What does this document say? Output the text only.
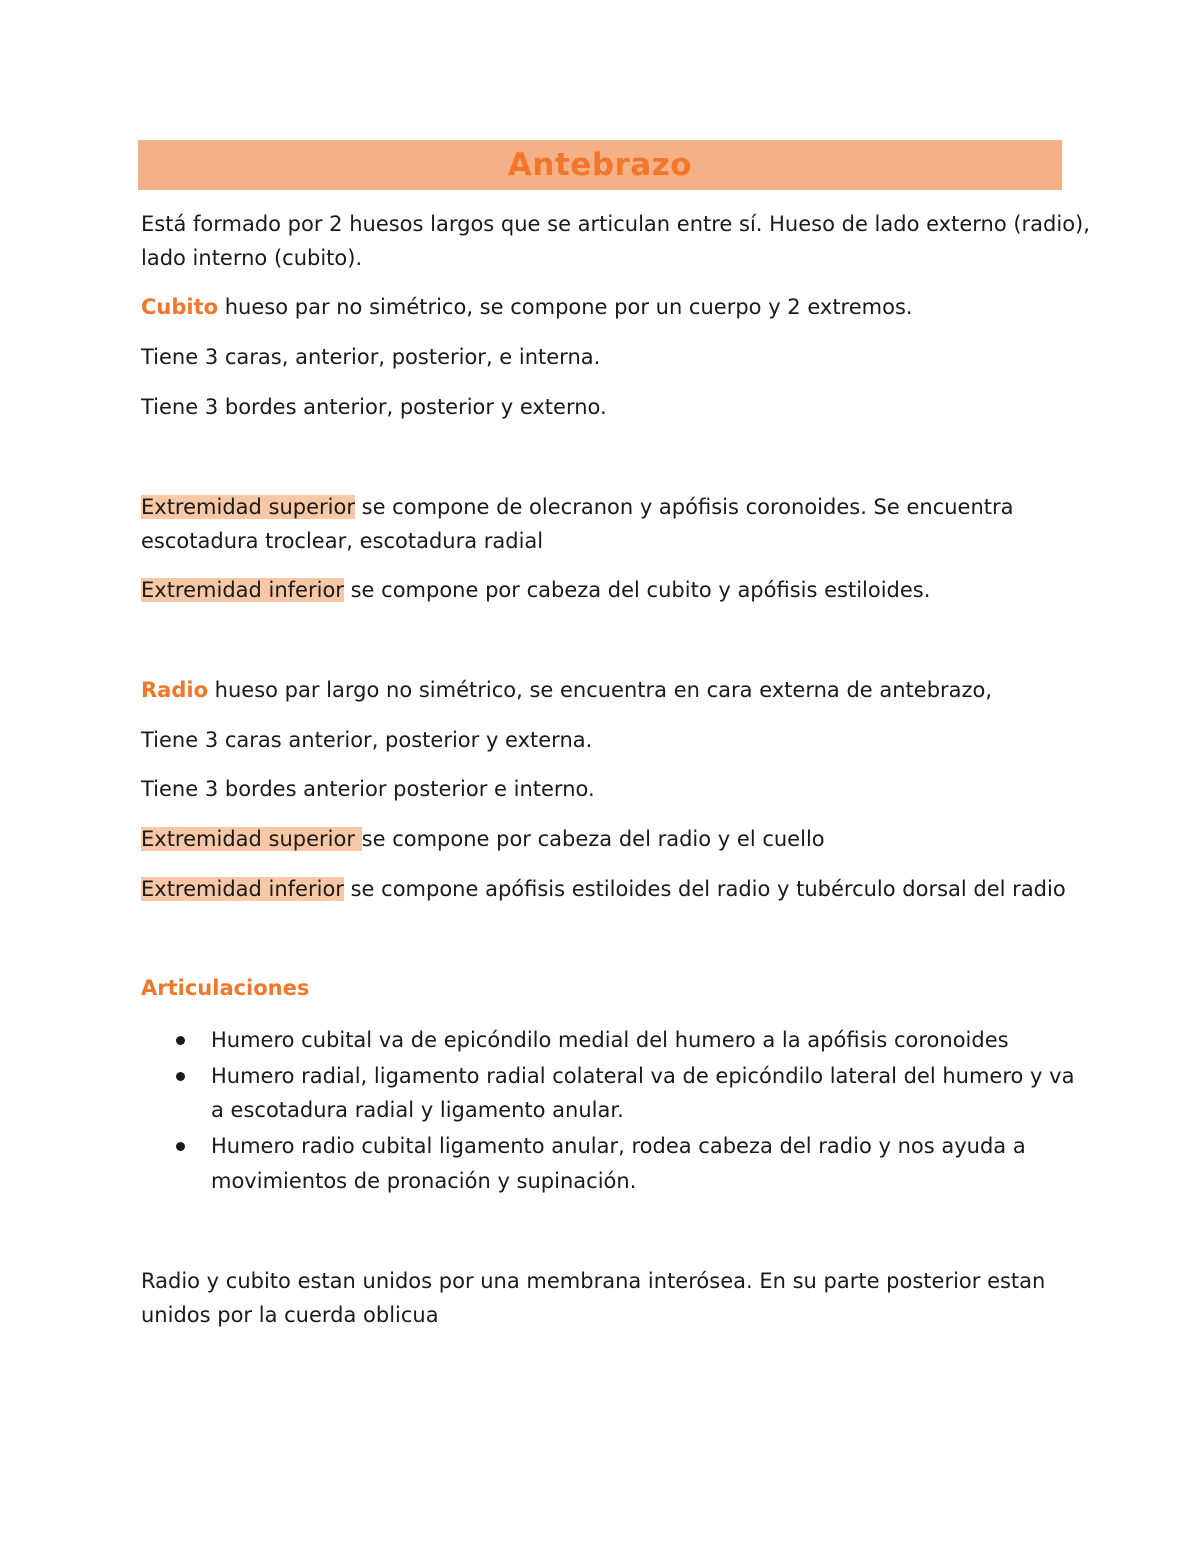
Antebrazo
Está formado por 2 huesos largos que se articulan entre sí. Hueso de lado externo (radio),
lado interno (cubito).
Cubito hueso par no simétrico, se compone por un cuerpo y 2 extremos.
Tiene 3 caras, anterior, posterior, e interna.
Tiene 3 bordes anterior, posterior y externo.
Extremidad superior se compone de olecranon y apófisis coronoides. Se encuentra
escotadura troclear, escotadura radial
Extremidad inferior se compone por cabeza del cubito y apófisis estiloides.
Radio hueso par largo no simétrico, se encuentra en cara externa de antebrazo,
Tiene 3 caras anterior, posterior y externa.
Tiene 3 bordes anterior posterior e interno.
Extremidad superior se compone por cabeza del radio y el cuello
Extremidad inferior se compone apófisis estiloides del radio y tubérculo dorsal del radio
Articulaciones
Humero cubital va de epicóndilo medial del humero a la apófisis coronoides
Humero radial, ligamento radial colateral va de epicóndilo lateral del humero y va
a escotadura radial y ligamento anular.
Humero radio cubital ligamento anular, rodea cabeza del radio y nos ayuda a
movimientos de pronación y supinación.
Radio y cubito estan unidos por una membrana interósea. En su parte posterior estan
unidos por la cuerda oblicua
